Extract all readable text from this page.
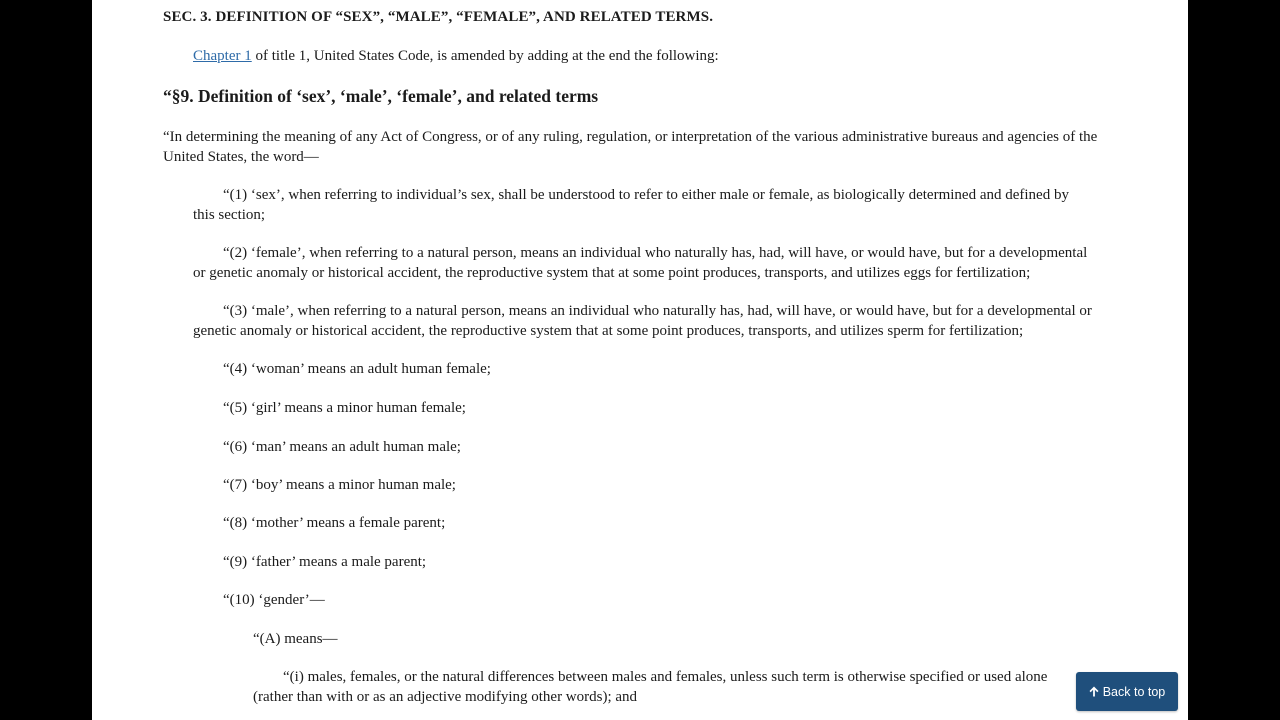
SEC. 3. DEFINITION OF “SEX”, “MALE”, “FEMALE”, AND RELATED TERMS.
Chapter 1 of title 1, United States Code, is amended by adding at the end the following:
“§9. Definition of ‘sex’, ‘male’, ‘female’, and related terms

“In determining the meaning of any Act of Congress, or of any ruling, regulation, or interpretation of the various administrative bureaus and agencies of the United States, the word—

“(1) ‘sex’, when referring to individual’s sex, shall be understood to refer to either male or female, as biologically determined and defined by this section;

“(2) ‘female’, when referring to a natural person, means an individual who naturally has, had, will have, or would have, but for a developmental or genetic anomaly or historical accident, the reproductive system that at some point produces, transports, and utilizes eggs for fertilization;

“(3) ‘male’, when referring to a natural person, means an individual who naturally has, had, will have, or would have, but for a developmental or genetic anomaly or historical accident, the reproductive system that at some point produces, transports, and utilizes sperm for fertilization;

“(4) ‘woman’ means an adult human female;

“(5) ‘girl’ means a minor human female;

“(6) ‘man’ means an adult human male;

“(7) ‘boy’ means a minor human male;

“(8) ‘mother’ means a female parent;

“(9) ‘father’ means a male parent;

“(10) ‘gender’—

“(A) means—

“(i) males, females, or the natural differences between males and females, unless such term is otherwise specified or used alone (rather than with or as an adjective modifying other words); and	Back to top
